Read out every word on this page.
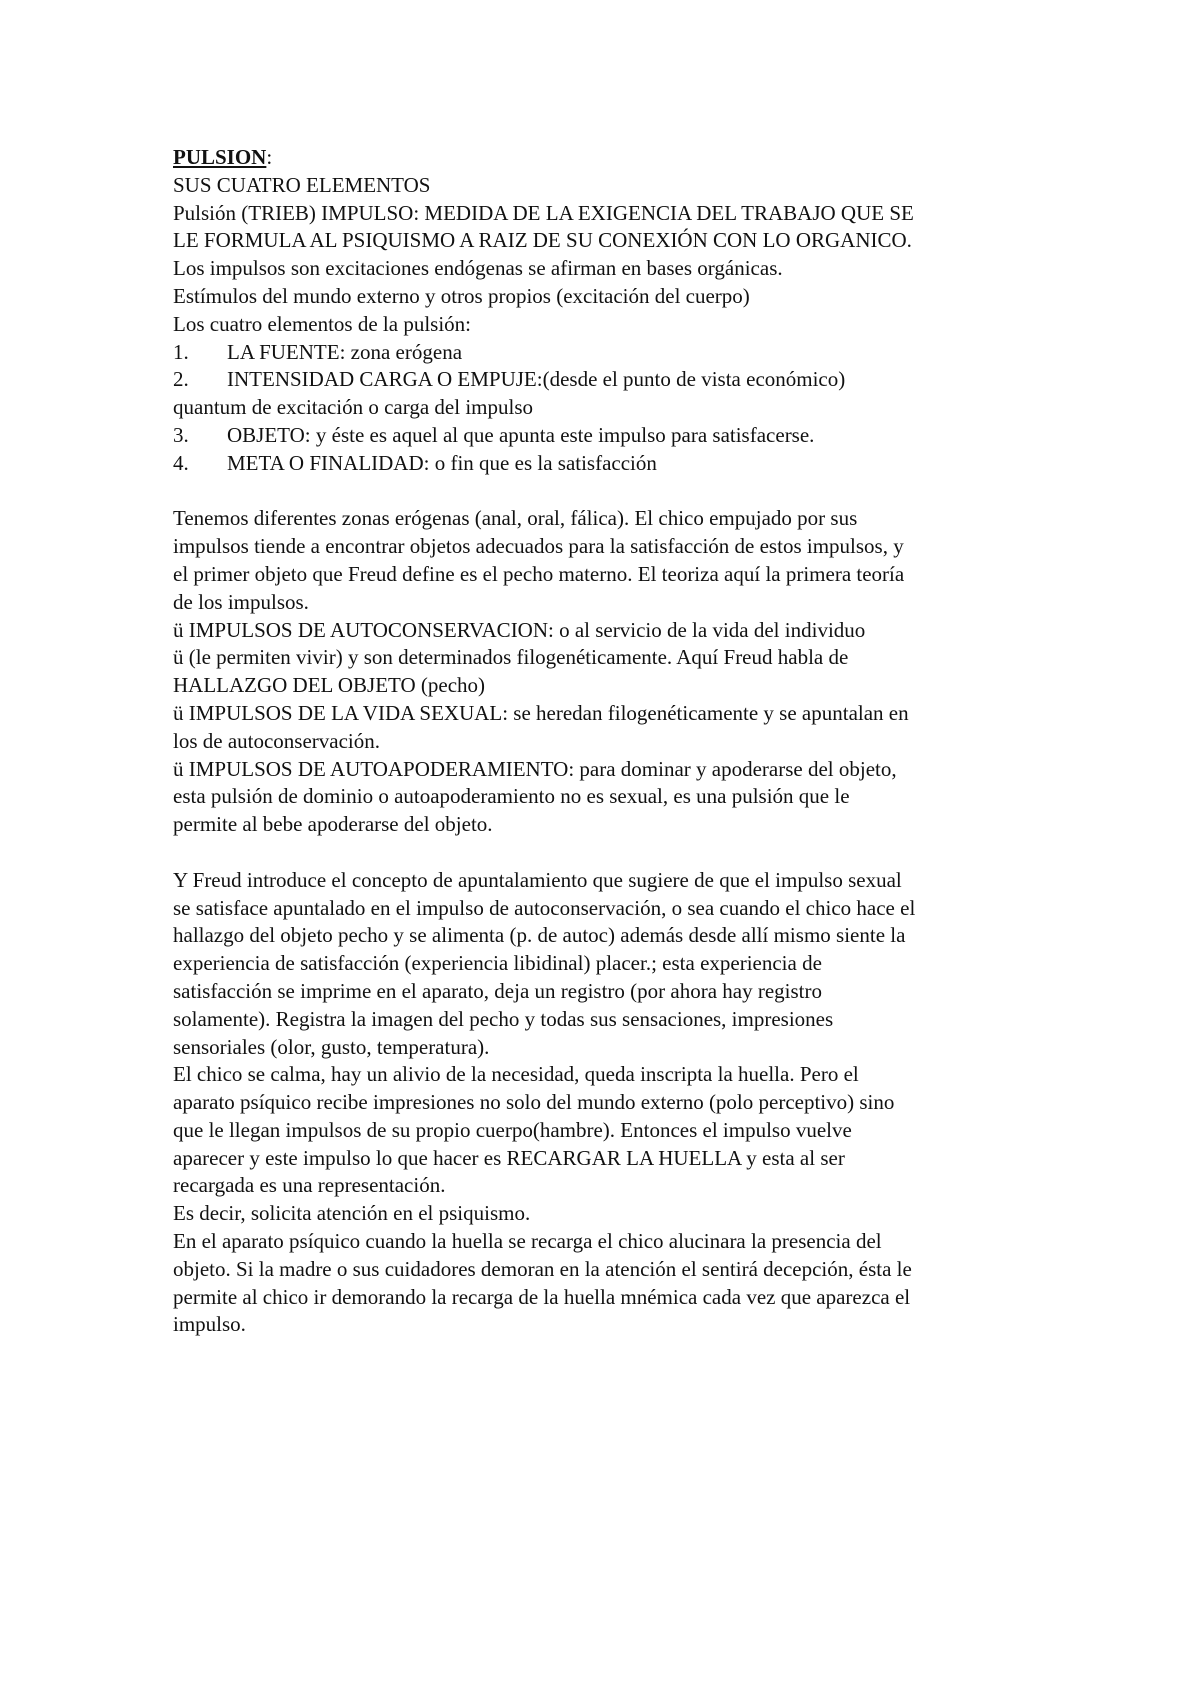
PULSION:
SUS CUATRO ELEMENTOS
Pulsión (TRIEB) IMPULSO: MEDIDA DE LA EXIGENCIA DEL TRABAJO QUE SE
LE FORMULA AL PSIQUISMO A RAIZ DE SU CONEXIÓN CON LO ORGANICO.
Los impulsos son excitaciones endógenas se afirman en bases orgánicas.
Estímulos del mundo externo y otros propios (excitación del cuerpo)
Los cuatro elementos de la pulsión:
1. LA FUENTE: zona erógena
2. INTENSIDAD CARGA O EMPUJE:(desde el punto de vista económico)
quantum de excitación o carga del impulso
3. OBJETO: y éste es aquel al que apunta este impulso para satisfacerse.
4. META O FINALIDAD: o fin que es la satisfacción
Tenemos diferentes zonas erógenas (anal, oral, fálica). El chico empujado por sus
impulsos tiende a encontrar objetos adecuados para la satisfacción de estos impulsos, y
el primer objeto que Freud define es el pecho materno. El teoriza aquí la primera teoría
de los impulsos.
ü IMPULSOS DE AUTOCONSERVACION: o al servicio de la vida del individuo
ü (le permiten vivir) y son determinados filogenéticamente. Aquí Freud habla de
HALLAZGO DEL OBJETO (pecho)
ü IMPULSOS DE LA VIDA SEXUAL: se heredan filogenéticamente y se apuntalan en
los de autoconservación.
ü IMPULSOS DE AUTOAPODERAMIENTO: para dominar y apoderarse del objeto,
esta pulsión de dominio o autoapoderamiento no es sexual, es una pulsión que le
permite al bebe apoderarse del objeto.
Y Freud introduce el concepto de apuntalamiento que sugiere de que el impulso sexual
se satisface apuntalado en el impulso de autoconservación, o sea cuando el chico hace el
hallazgo del objeto pecho y se alimenta (p. de autoc) además desde allí mismo siente la
experiencia de satisfacción (experiencia libidinal) placer.; esta experiencia de
satisfacción se imprime en el aparato, deja un registro (por ahora hay registro
solamente). Registra la imagen del pecho y todas sus sensaciones, impresiones
sensoriales (olor, gusto, temperatura).
El chico se calma, hay un alivio de la necesidad, queda inscripta la huella. Pero el
aparato psíquico recibe impresiones no solo del mundo externo (polo perceptivo) sino
que le llegan impulsos de su propio cuerpo(hambre). Entonces el impulso vuelve
aparecer y este impulso lo que hacer es RECARGAR LA HUELLA y esta al ser
recargada es una representación.
Es decir, solicita atención en el psiquismo.
En el aparato psíquico cuando la huella se recarga el chico alucinara la presencia del
objeto. Si la madre o sus cuidadores demoran en la atención el sentirá decepción, ésta le
permite al chico ir demorando la recarga de la huella mnémica cada vez que aparezca el
impulso.
